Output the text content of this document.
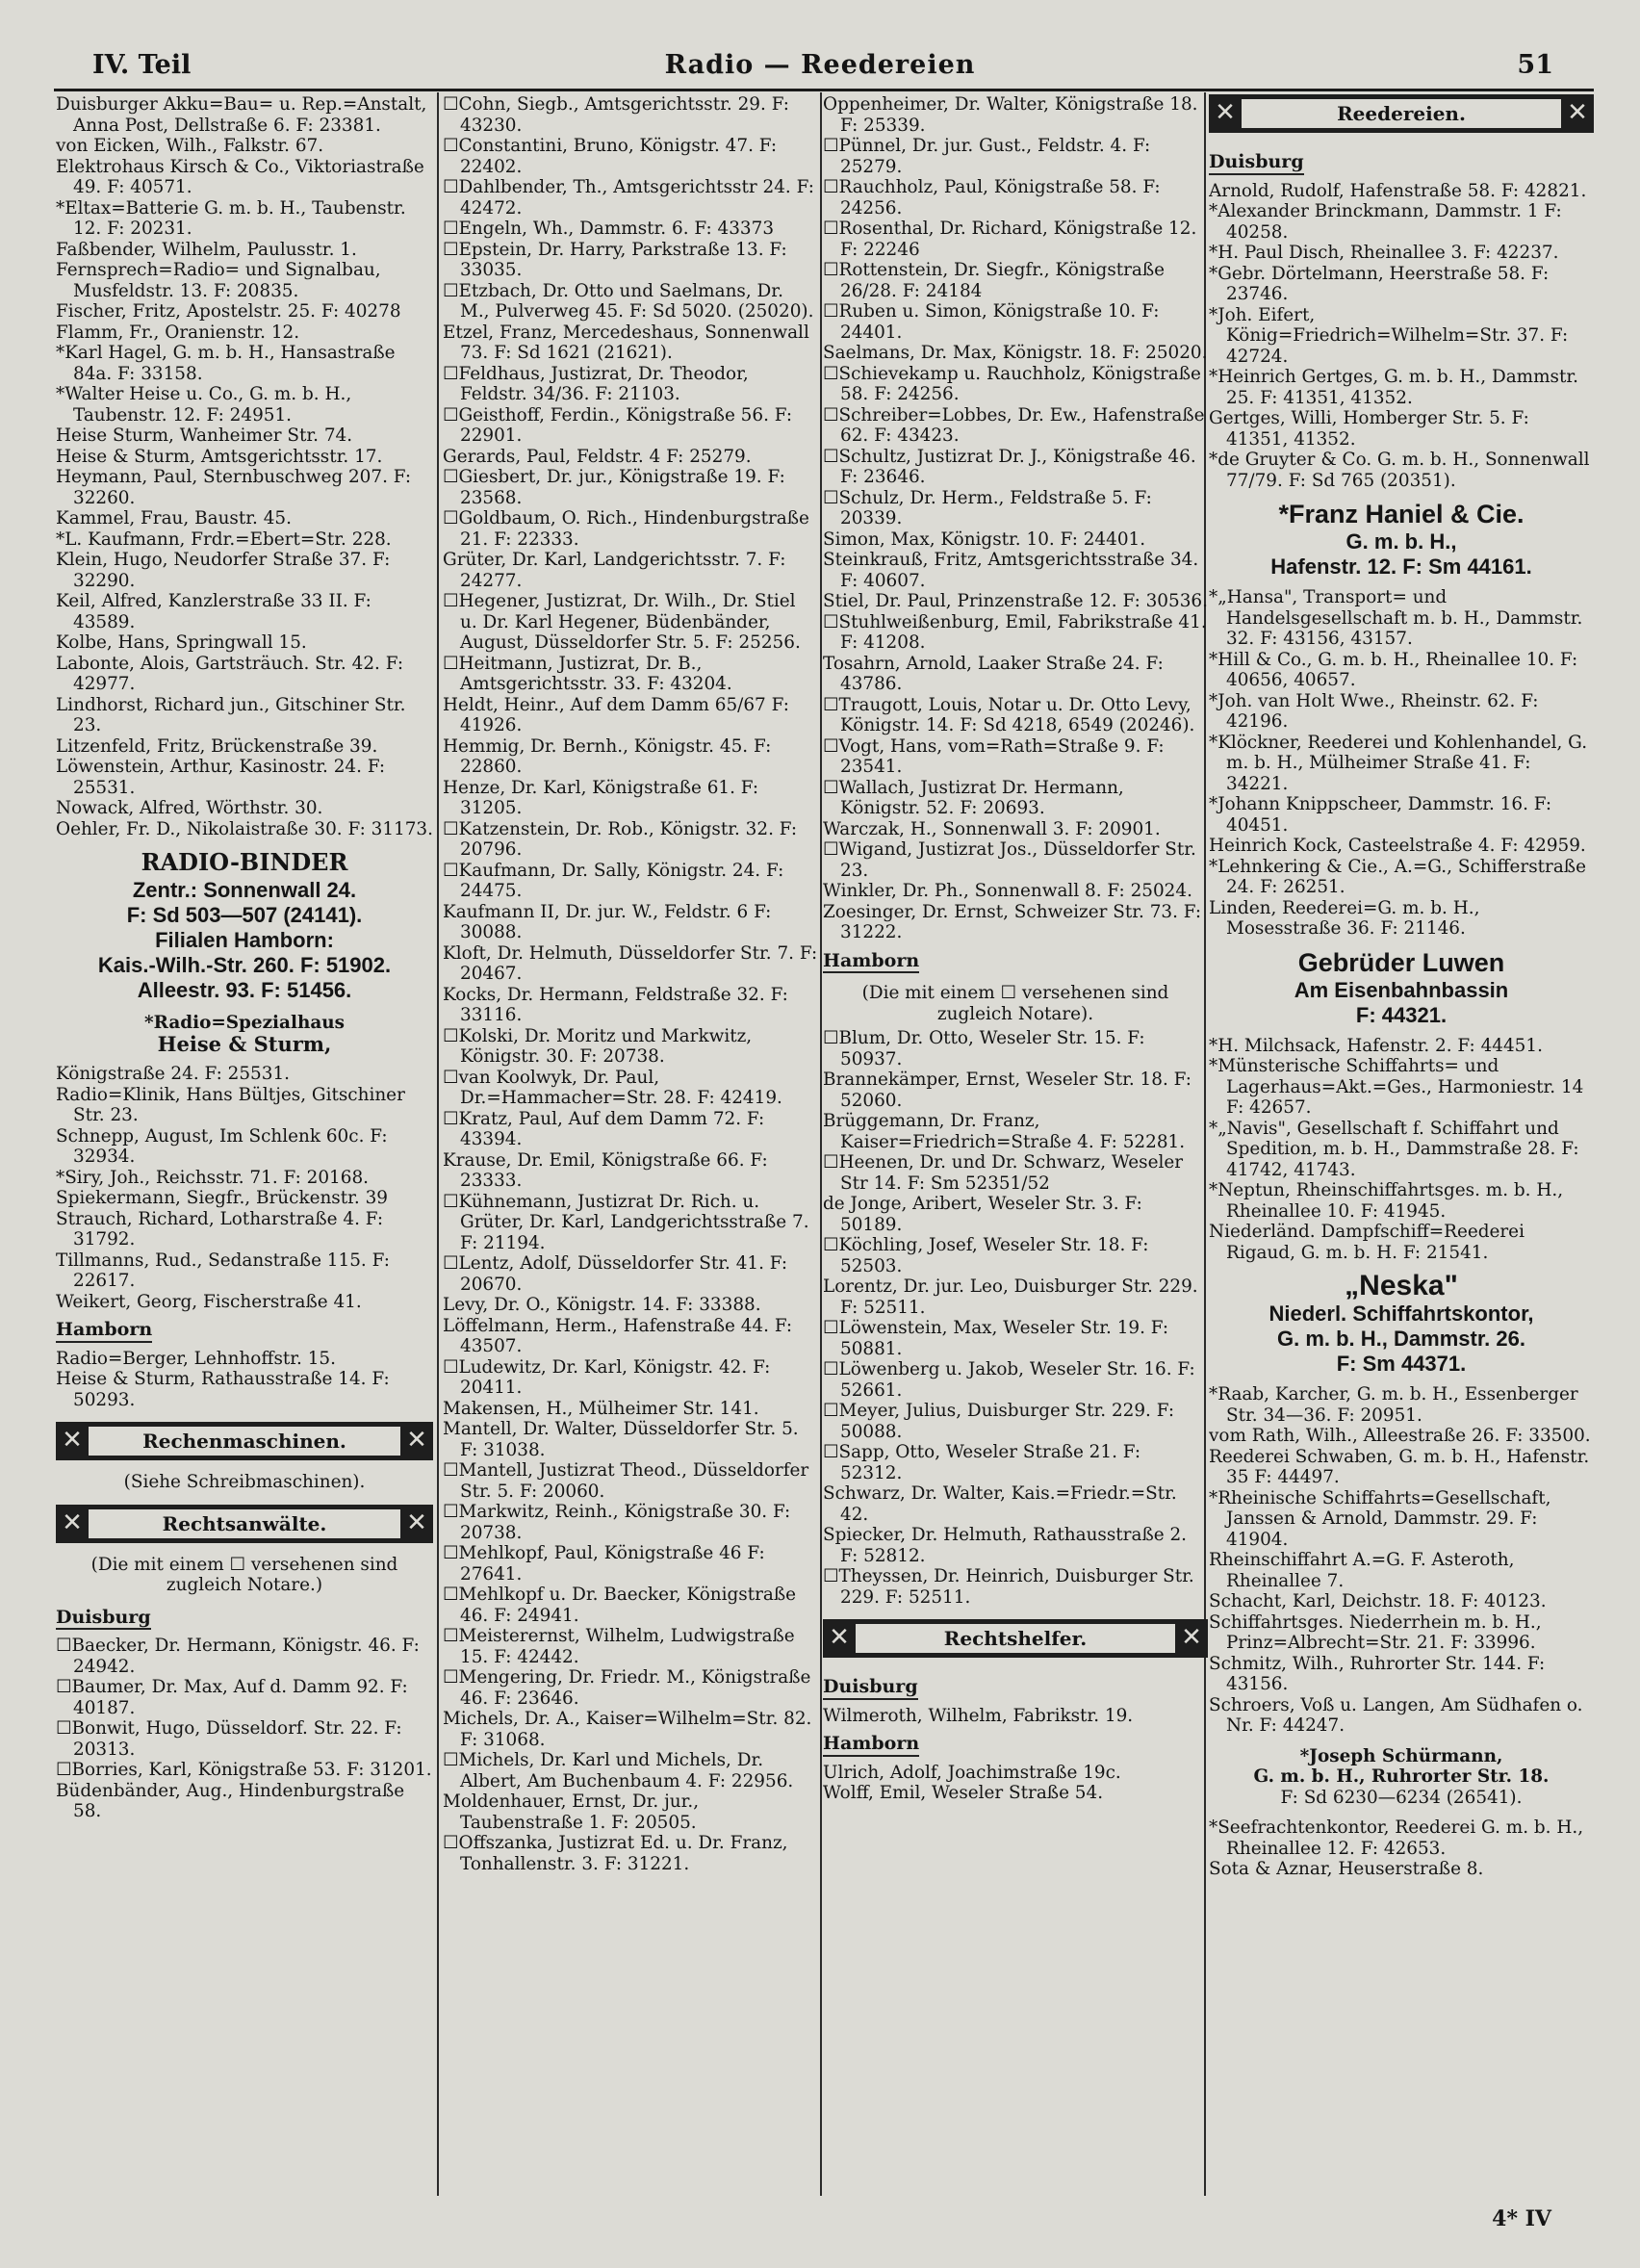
IV. Teil	Radio — Reedereien	51
Duisburger Akku=Bau= u. Rep.=Anstalt, Anna Post, Dellstraße 6. F: 23381.
von Eicken, Wilh., Falkstr. 67.
Elektrohaus Kirsch & Co., Viktoriastraße 49. F: 40571.
*Eltax=Batterie G. m. b. H., Taubenstr. 12. F: 20231.
Faßbender, Wilhelm, Paulusstr. 1.
Fernsprech=Radio= und Signalbau, Musfeldstr. 13. F: 20835.
Fischer, Fritz, Apostelstr. 25. F: 40278
Flamm, Fr., Oranienstr. 12.
*Karl Hagel, G. m. b. H., Hansastraße 84a. F: 33158.
*Walter Heise u. Co., G. m. b. H., Taubenstr. 12. F: 24951.
Heise Sturm, Wanheimer Str. 74.
Heise & Sturm, Amtsgerichtsstr. 17.
Heymann, Paul, Sternbuschweg 207. F: 32260.
Kammel, Frau, Baustr. 45.
*L. Kaufmann, Frdr.=Ebert=Str. 228.
Klein, Hugo, Neudorfer Straße 37. F: 32290.
Keil, Alfred, Kanzlerstraße 33 II. F: 43589.
Kolbe, Hans, Springwall 15.
Labonte, Alois, Gartsträuch. Str. 42. F: 42977.
Lindhorst, Richard jun., Gitschiner Str. 23.
Litzenfeld, Fritz, Brückenstraße 39.
Löwenstein, Arthur, Kasinostr. 24. F: 25531.
Nowack, Alfred, Wörthstr. 30.
Oehler, Fr. D., Nikolaistraße 30. F: 31173.
RADIO-BINDER
Zentr.: Sonnenwall 24.
F: Sd 503—507 (24141).
Filialen Hamborn:
Kais.-Wilh.-Str. 260. F: 51902.
Alleestr. 93. F: 51456.
*Radio=Spezialhaus
Heise & Sturm,
Königstraße 24. F: 25531.
Radio=Klinik, Hans Bültjes, Gitschiner Str. 23.
Schnepp, August, Im Schlenk 60c. F: 32934.
*Siry, Joh., Reichsstr. 71. F: 20168.
Spiekermann, Siegfr., Brückenstr. 39
Strauch, Richard, Lotharstraße 4. F: 31792.
Tillmanns, Rud., Sedanstraße 115. F: 22617.
Weikert, Georg, Fischerstraße 41.
Hamborn
Radio=Berger, Lehnhoffstr. 15.
Heise & Sturm, Rathausstraße 14. F: 50293.
✕	Rechenmaschinen.	✕
(Siehe Schreibmaschinen).
✕	Rechtsanwälte.	✕
(Die mit einem ☐ versehenen sind zugleich Notare.)
Duisburg
☐Baecker, Dr. Hermann, Königstr. 46. F: 24942.
☐Baumer, Dr. Max, Auf d. Damm 92. F: 40187.
☐Bonwit, Hugo, Düsseldorf. Str. 22. F: 20313.
☐Borries, Karl, Königstraße 53. F: 31201.
Büdenbänder, Aug., Hindenburgstraße 58.
☐Cohn, Siegb., Amtsgerichtsstr. 29. F: 43230.
☐Constantini, Bruno, Königstr. 47. F: 22402.
☐Dahlbender, Th., Amtsgerichtsstr 24. F: 42472.
☐Engeln, Wh., Dammstr. 6. F: 43373
☐Epstein, Dr. Harry, Parkstraße 13. F: 33035.
☐Etzbach, Dr. Otto und Saelmans, Dr. M., Pulverweg 45. F: Sd 5020. (25020).
Etzel, Franz, Mercedeshaus, Sonnenwall 73. F: Sd 1621 (21621).
☐Feldhaus, Justizrat, Dr. Theodor, Feldstr. 34/36. F: 21103.
☐Geisthoff, Ferdin., Königstraße 56. F: 22901.
Gerards, Paul, Feldstr. 4 F: 25279.
☐Giesbert, Dr. jur., Königstraße 19. F: 23568.
☐Goldbaum, O. Rich., Hindenburgstraße 21. F: 22333.
Grüter, Dr. Karl, Landgerichtsstr. 7. F: 24277.
☐Hegener, Justizrat, Dr. Wilh., Dr. Stiel u. Dr. Karl Hegener, Büdenbänder, August, Düsseldorfer Str. 5. F: 25256.
☐Heitmann, Justizrat, Dr. B., Amtsgerichtsstr. 33. F: 43204.
Heldt, Heinr., Auf dem Damm 65/67 F: 41926.
Hemmig, Dr. Bernh., Königstr. 45. F: 22860.
Henze, Dr. Karl, Königstraße 61. F: 31205.
☐Katzenstein, Dr. Rob., Königstr. 32. F: 20796.
☐Kaufmann, Dr. Sally, Königstr. 24. F: 24475.
Kaufmann II, Dr. jur. W., Feldstr. 6 F: 30088.
Kloft, Dr. Helmuth, Düsseldorfer Str. 7. F: 20467.
Kocks, Dr. Hermann, Feldstraße 32. F: 33116.
☐Kolski, Dr. Moritz und Markwitz, Königstr. 30. F: 20738.
☐van Koolwyk, Dr. Paul, Dr.=Hammacher=Str. 28. F: 42419.
☐Kratz, Paul, Auf dem Damm 72. F: 43394.
Krause, Dr. Emil, Königstraße 66. F: 23333.
☐Kühnemann, Justizrat Dr. Rich. u. Grüter, Dr. Karl, Landgerichtsstraße 7. F: 21194.
☐Lentz, Adolf, Düsseldorfer Str. 41. F: 20670.
Levy, Dr. O., Königstr. 14. F: 33388.
Löffelmann, Herm., Hafenstraße 44. F: 43507.
☐Ludewitz, Dr. Karl, Königstr. 42. F: 20411.
Makensen, H., Mülheimer Str. 141.
Mantell, Dr. Walter, Düsseldorfer Str. 5. F: 31038.
☐Mantell, Justizrat Theod., Düsseldorfer Str. 5. F: 20060.
☐Markwitz, Reinh., Königstraße 30. F: 20738.
☐Mehlkopf, Paul, Königstraße 46 F: 27641.
☐Mehlkopf u. Dr. Baecker, Königstraße 46. F: 24941.
☐Meisterernst, Wilhelm, Ludwigstraße 15. F: 42442.
☐Mengering, Dr. Friedr. M., Königstraße 46. F: 23646.
Michels, Dr. A., Kaiser=Wilhelm=Str. 82. F: 31068.
☐Michels, Dr. Karl und Michels, Dr. Albert, Am Buchenbaum 4. F: 22956.
Moldenhauer, Ernst, Dr. jur., Taubenstraße 1. F: 20505.
☐Offszanka, Justizrat Ed. u. Dr. Franz, Tonhallenstr. 3. F: 31221.
Oppenheimer, Dr. Walter, Königstraße 18. F: 25339.
☐Pünnel, Dr. jur. Gust., Feldstr. 4. F: 25279.
☐Rauchholz, Paul, Königstraße 58. F: 24256.
☐Rosenthal, Dr. Richard, Königstraße 12. F: 22246
☐Rottenstein, Dr. Siegfr., Königstraße 26/28. F: 24184
☐Ruben u. Simon, Königstraße 10. F: 24401.
Saelmans, Dr. Max, Königstr. 18. F: 25020.
☐Schievekamp u. Rauchholz, Königstraße 58. F: 24256.
☐Schreiber=Lobbes, Dr. Ew., Hafenstraße 62. F: 43423.
☐Schultz, Justizrat Dr. J., Königstraße 46. F: 23646.
☐Schulz, Dr. Herm., Feldstraße 5. F: 20339.
Simon, Max, Königstr. 10. F: 24401.
Steinkrauß, Fritz, Amtsgerichtsstraße 34. F: 40607.
Stiel, Dr. Paul, Prinzenstraße 12. F: 30536.
☐Stuhlweißenburg, Emil, Fabrikstraße 41. F: 41208.
Tosahrn, Arnold, Laaker Straße 24. F: 43786.
☐Traugott, Louis, Notar u. Dr. Otto Levy, Königstr. 14. F: Sd 4218, 6549 (20246).
☐Vogt, Hans, vom=Rath=Straße 9. F: 23541.
☐Wallach, Justizrat Dr. Hermann, Königstr. 52. F: 20693.
Warczak, H., Sonnenwall 3. F: 20901.
☐Wigand, Justizrat Jos., Düsseldorfer Str. 23.
Winkler, Dr. Ph., Sonnenwall 8. F: 25024.
Zoesinger, Dr. Ernst, Schweizer Str. 73. F: 31222.
Hamborn
(Die mit einem ☐ versehenen sind zugleich Notare).
☐Blum, Dr. Otto, Weseler Str. 15. F: 50937.
Brannekämper, Ernst, Weseler Str. 18. F: 52060.
Brüggemann, Dr. Franz, Kaiser=Friedrich=Straße 4. F: 52281.
☐Heenen, Dr. und Dr. Schwarz, Weseler Str 14. F: Sm 52351/52
de Jonge, Aribert, Weseler Str. 3. F: 50189.
☐Köchling, Josef, Weseler Str. 18. F: 52503.
Lorentz, Dr. jur. Leo, Duisburger Str. 229. F: 52511.
☐Löwenstein, Max, Weseler Str. 19. F: 50881.
☐Löwenberg u. Jakob, Weseler Str. 16. F: 52661.
☐Meyer, Julius, Duisburger Str. 229. F: 50088.
☐Sapp, Otto, Weseler Straße 21. F: 52312.
Schwarz, Dr. Walter, Kais.=Friedr.=Str. 42.
Spiecker, Dr. Helmuth, Rathausstraße 2. F: 52812.
☐Theyssen, Dr. Heinrich, Duisburger Str. 229. F: 52511.
✕	Rechtshelfer.	✕
Duisburg
Wilmeroth, Wilhelm, Fabrikstr. 19.
Hamborn
Ulrich, Adolf, Joachimstraße 19c.
Wolff, Emil, Weseler Straße 54.
✕	Reedereien.	✕
Duisburg
Arnold, Rudolf, Hafenstraße 58. F: 42821.
*Alexander Brinckmann, Dammstr. 1 F: 40258.
*H. Paul Disch, Rheinallee 3. F: 42237.
*Gebr. Dörtelmann, Heerstraße 58. F: 23746.
*Joh. Eifert, König=Friedrich=Wilhelm=Str. 37. F: 42724.
*Heinrich Gertges, G. m. b. H., Dammstr. 25. F: 41351, 41352.
Gertges, Willi, Homberger Str. 5. F: 41351, 41352.
*de Gruyter & Co. G. m. b. H., Sonnenwall 77/79. F: Sd 765 (20351).
*Franz Haniel & Cie.
G. m. b. H.,
Hafenstr. 12. F: Sm 44161.
*„Hansa", Transport= und Handelsgesellschaft m. b. H., Dammstr. 32. F: 43156, 43157.
*Hill & Co., G. m. b. H., Rheinallee 10. F: 40656, 40657.
*Joh. van Holt Wwe., Rheinstr. 62. F: 42196.
*Klöckner, Reederei und Kohlenhandel, G. m. b. H., Mülheimer Straße 41. F: 34221.
*Johann Knippscheer, Dammstr. 16. F: 40451.
Heinrich Kock, Casteelstraße 4. F: 42959.
*Lehnkering & Cie., A.=G., Schifferstraße 24. F: 26251.
Linden, Reederei=G. m. b. H., Mosesstraße 36. F: 21146.
Gebrüder Luwen
Am Eisenbahnbassin
F: 44321.
*H. Milchsack, Hafenstr. 2. F: 44451.
*Münsterische Schiffahrts= und Lagerhaus=Akt.=Ges., Harmoniestr. 14 F: 42657.
*„Navis", Gesellschaft f. Schiffahrt und Spedition, m. b. H., Dammstraße 28. F: 41742, 41743.
*Neptun, Rheinschiffahrtsges. m. b. H., Rheinallee 10. F: 41945.
Niederländ. Dampfschiff=Reederei Rigaud, G. m. b. H. F: 21541.
„Neska"
Niederl. Schiffahrtskontor,
G. m. b. H., Dammstr. 26.
F: Sm 44371.
*Raab, Karcher, G. m. b. H., Essenberger Str. 34—36. F: 20951.
vom Rath, Wilh., Alleestraße 26. F: 33500.
Reederei Schwaben, G. m. b. H., Hafenstr. 35 F: 44497.
*Rheinische Schiffahrts=Gesellschaft, Janssen & Arnold, Dammstr. 29. F: 41904.
Rheinschiffahrt A.=G. F. Asteroth, Rheinallee 7.
Schacht, Karl, Deichstr. 18. F: 40123.
Schiffahrtsges. Niederrhein m. b. H., Prinz=Albrecht=Str. 21. F: 33996.
Schmitz, Wilh., Ruhrorter Str. 144. F: 43156.
Schroers, Voß u. Langen, Am Südhafen o. Nr. F: 44247.
*Joseph Schürmann,
G. m. b. H., Ruhrorter Str. 18.
F: Sd 6230—6234 (26541).
*Seefrachtenkontor, Reederei G. m. b. H., Rheinallee 12. F: 42653.
Sota & Aznar, Heuserstraße 8.
4* IV
